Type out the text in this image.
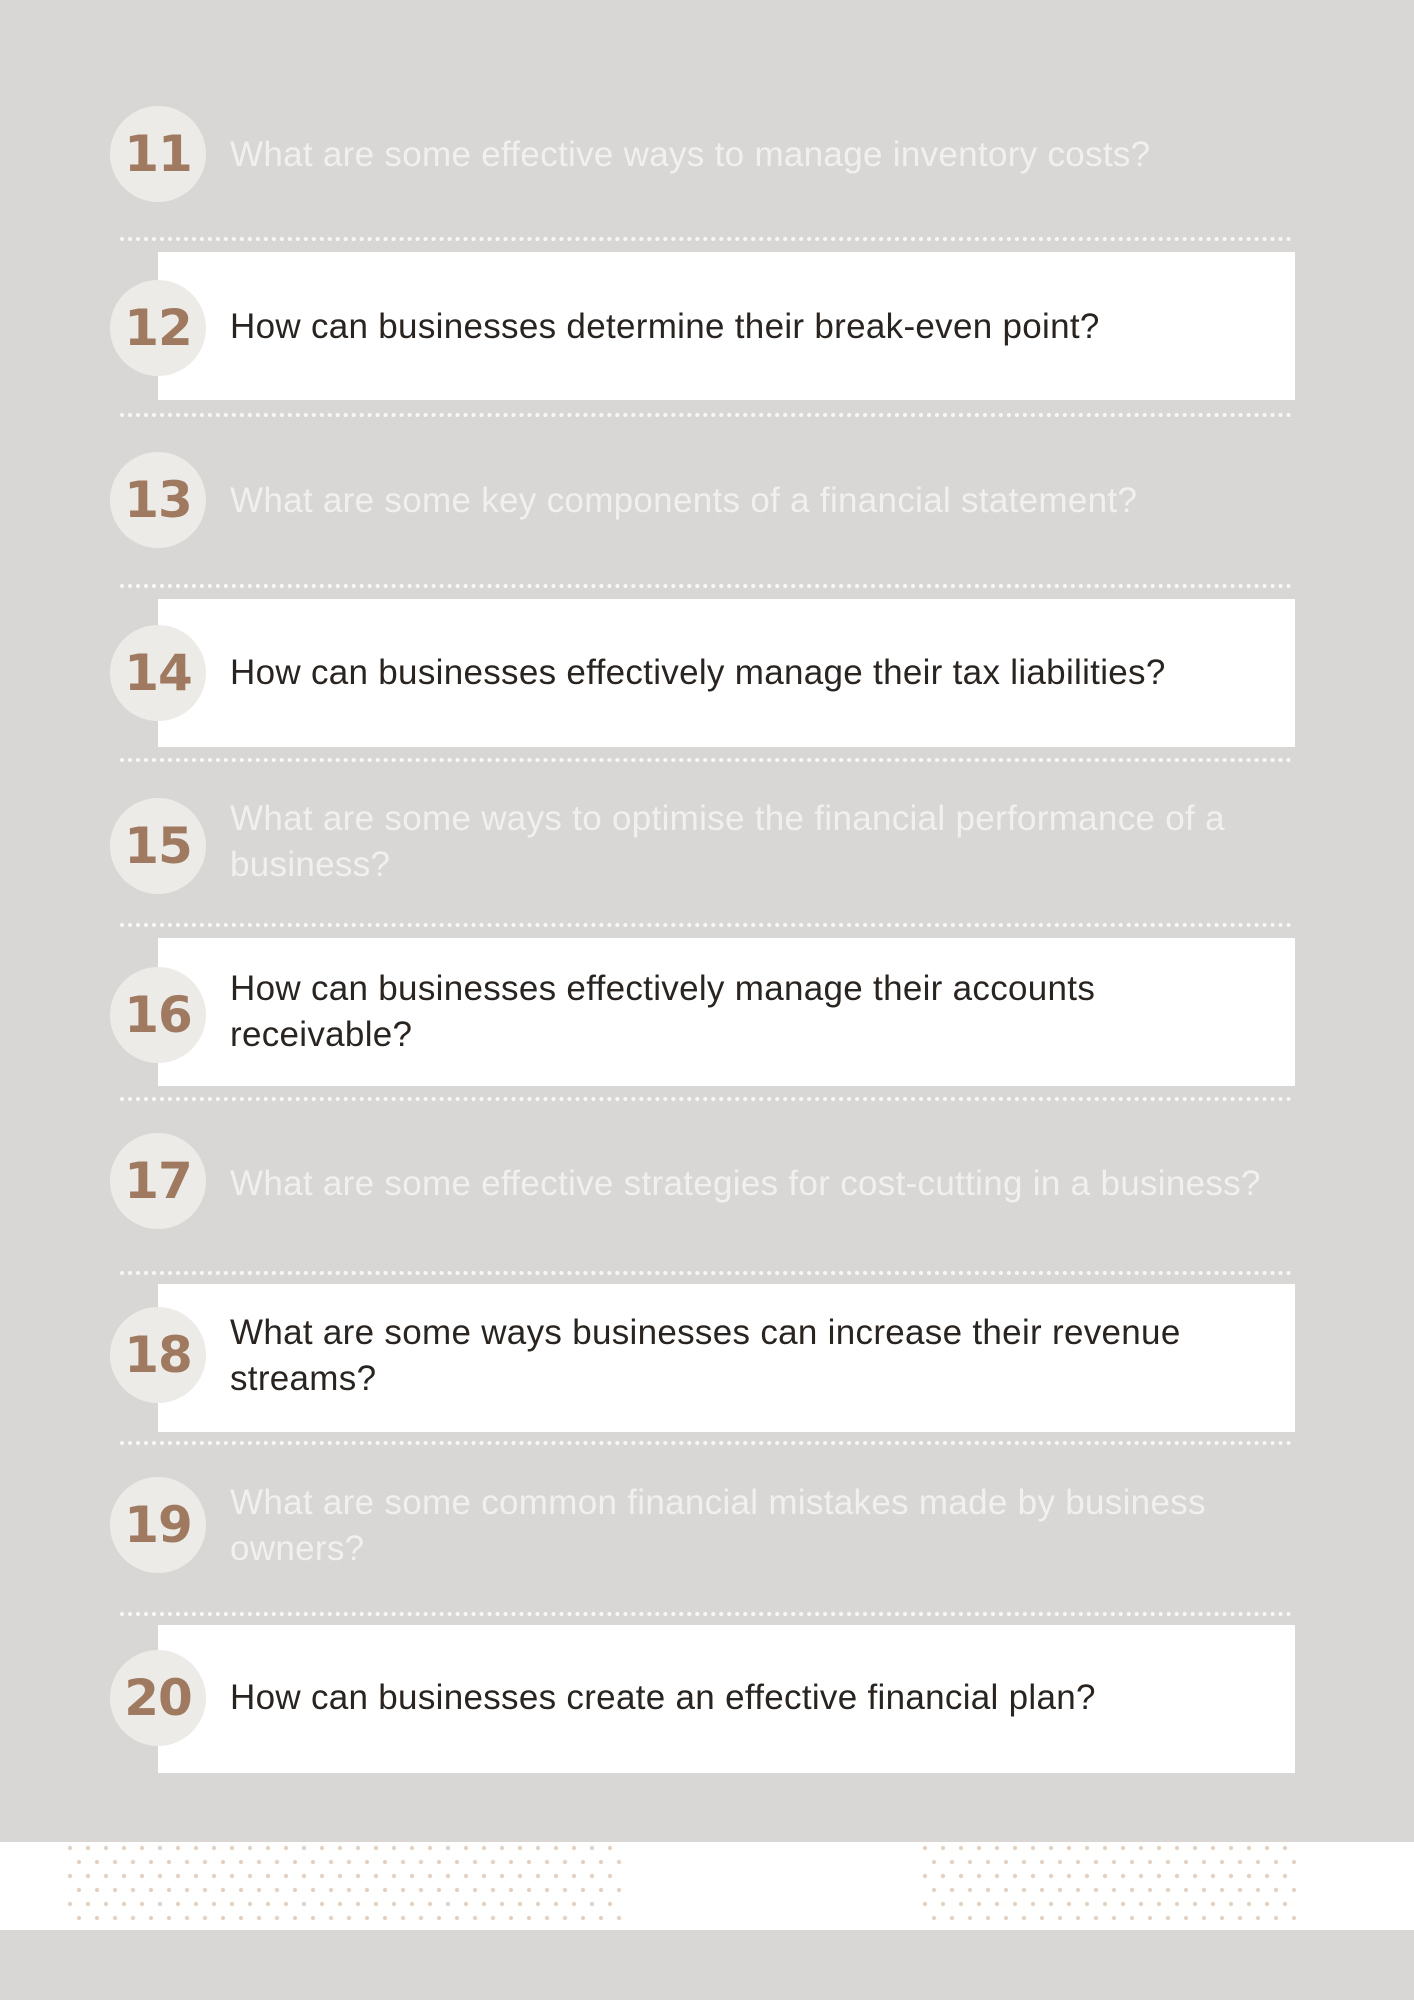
11	What are some effective ways to manage inventory costs?

12	How can businesses determine their break-even point?

13	What are some key components of a financial statement?

14	How can businesses effectively manage their tax liabilities?

15	What are some ways to optimise the financial performance of a business?

16	How can businesses effectively manage their accounts receivable?

17	What are some effective strategies for cost-cutting in a business?

18	What are some ways businesses can increase their revenue streams?

19	What are some common financial mistakes made by business owners?

20	How can businesses create an effective financial plan?
